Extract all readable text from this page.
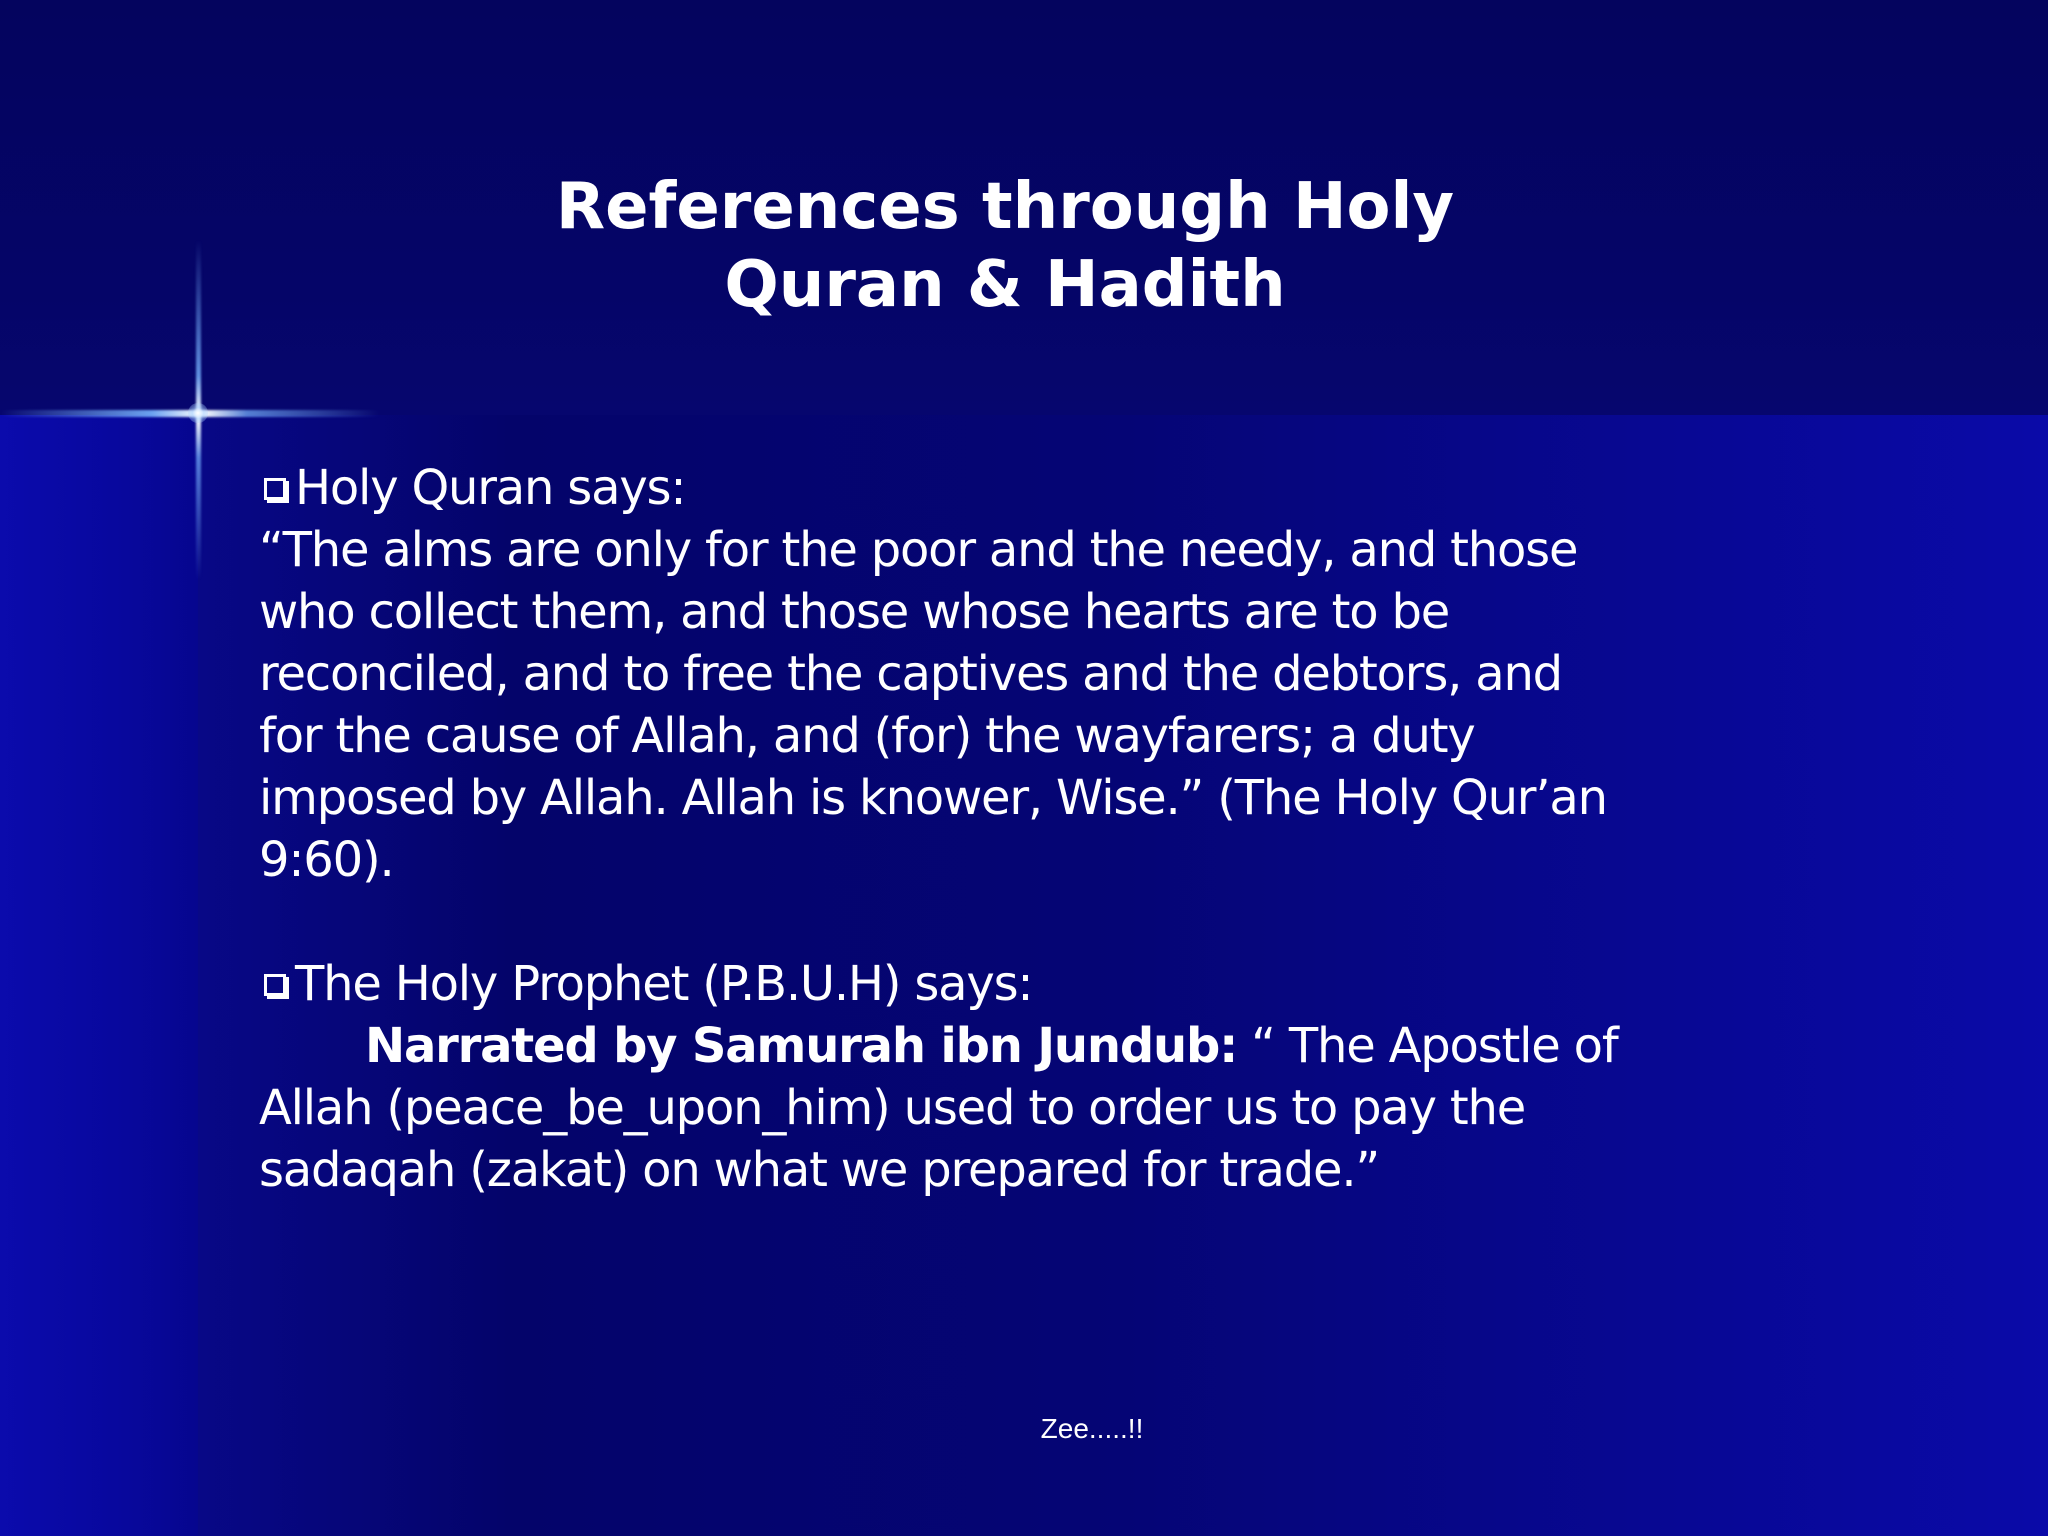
References through Holy
Quran & Hadith
Holy Quran says:
“The alms are only for the poor and the needy, and those
who collect them, and those whose hearts are to be
reconciled, and to free the captives and the debtors, and
for the cause of Allah, and (for) the wayfarers; a duty
imposed by Allah. Allah is knower, Wise.” (The Holy Qur’an
9:60).
The Holy Prophet (P.B.U.H) says:
Narrated by Samurah ibn Jundub: “ The Apostle of
Allah (peace_be_upon_him) used to order us to pay the
sadaqah (zakat) on what we prepared for trade.”
Zee.....!!
